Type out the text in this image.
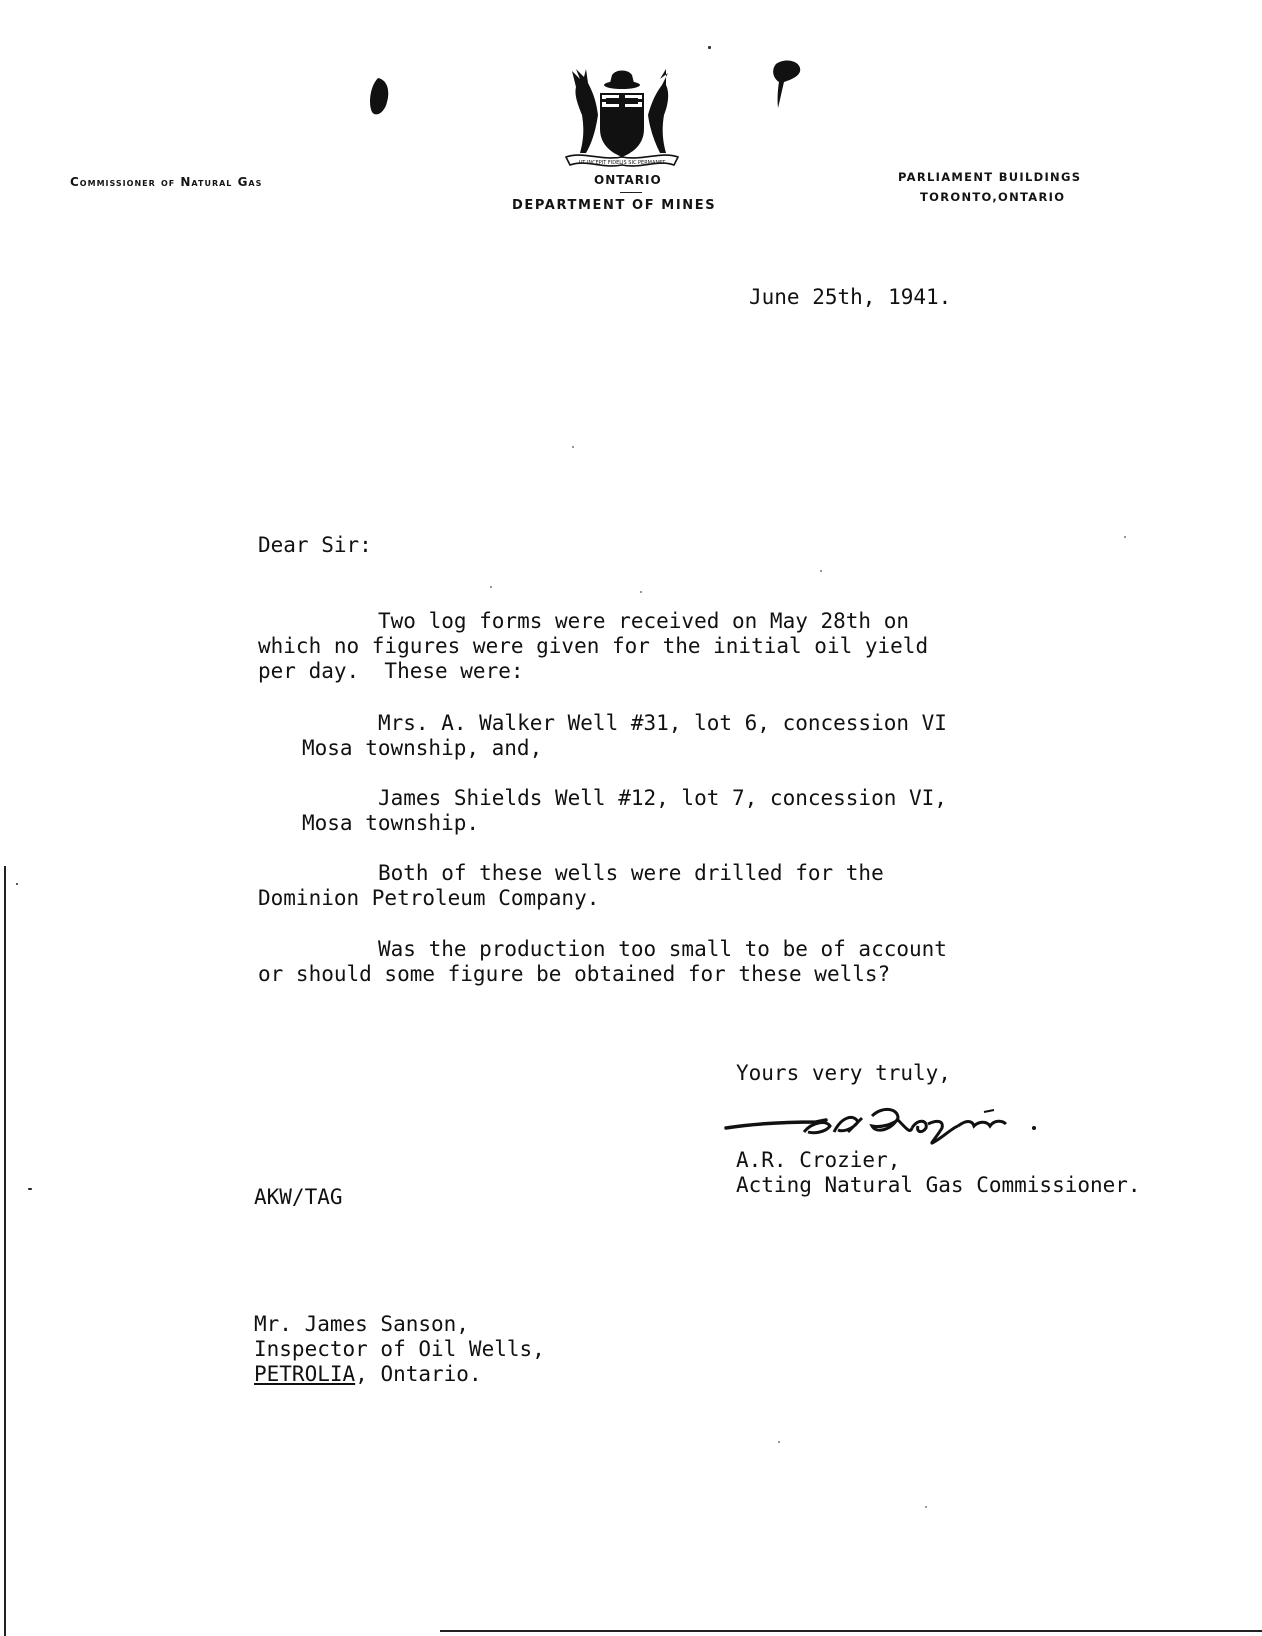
Commissioner of Natural Gas
UT INCEPIT FIDELIS SIC PERMANET
ONTARIO
DEPARTMENT OF MINES
PARLIAMENT BUILDINGS
TORONTO,ONTARIO
June 25th, 1941.
Dear Sir:
Two log forms were received on May 28th on
which no figures were given for the initial oil yield
per day.  These were:
Mrs. A. Walker Well #31, lot 6, concession VI
Mosa township, and,
James Shields Well #12, lot 7, concession VI,
Mosa township.
Both of these wells were drilled for the
Dominion Petroleum Company.
Was the production too small to be of account
or should some figure be obtained for these wells?
Yours very truly,
A.R. Crozier,
Acting Natural Gas Commissioner.
AKW/TAG
Mr. James Sanson,
Inspector of Oil Wells,
PETROLIA, Ontario.
